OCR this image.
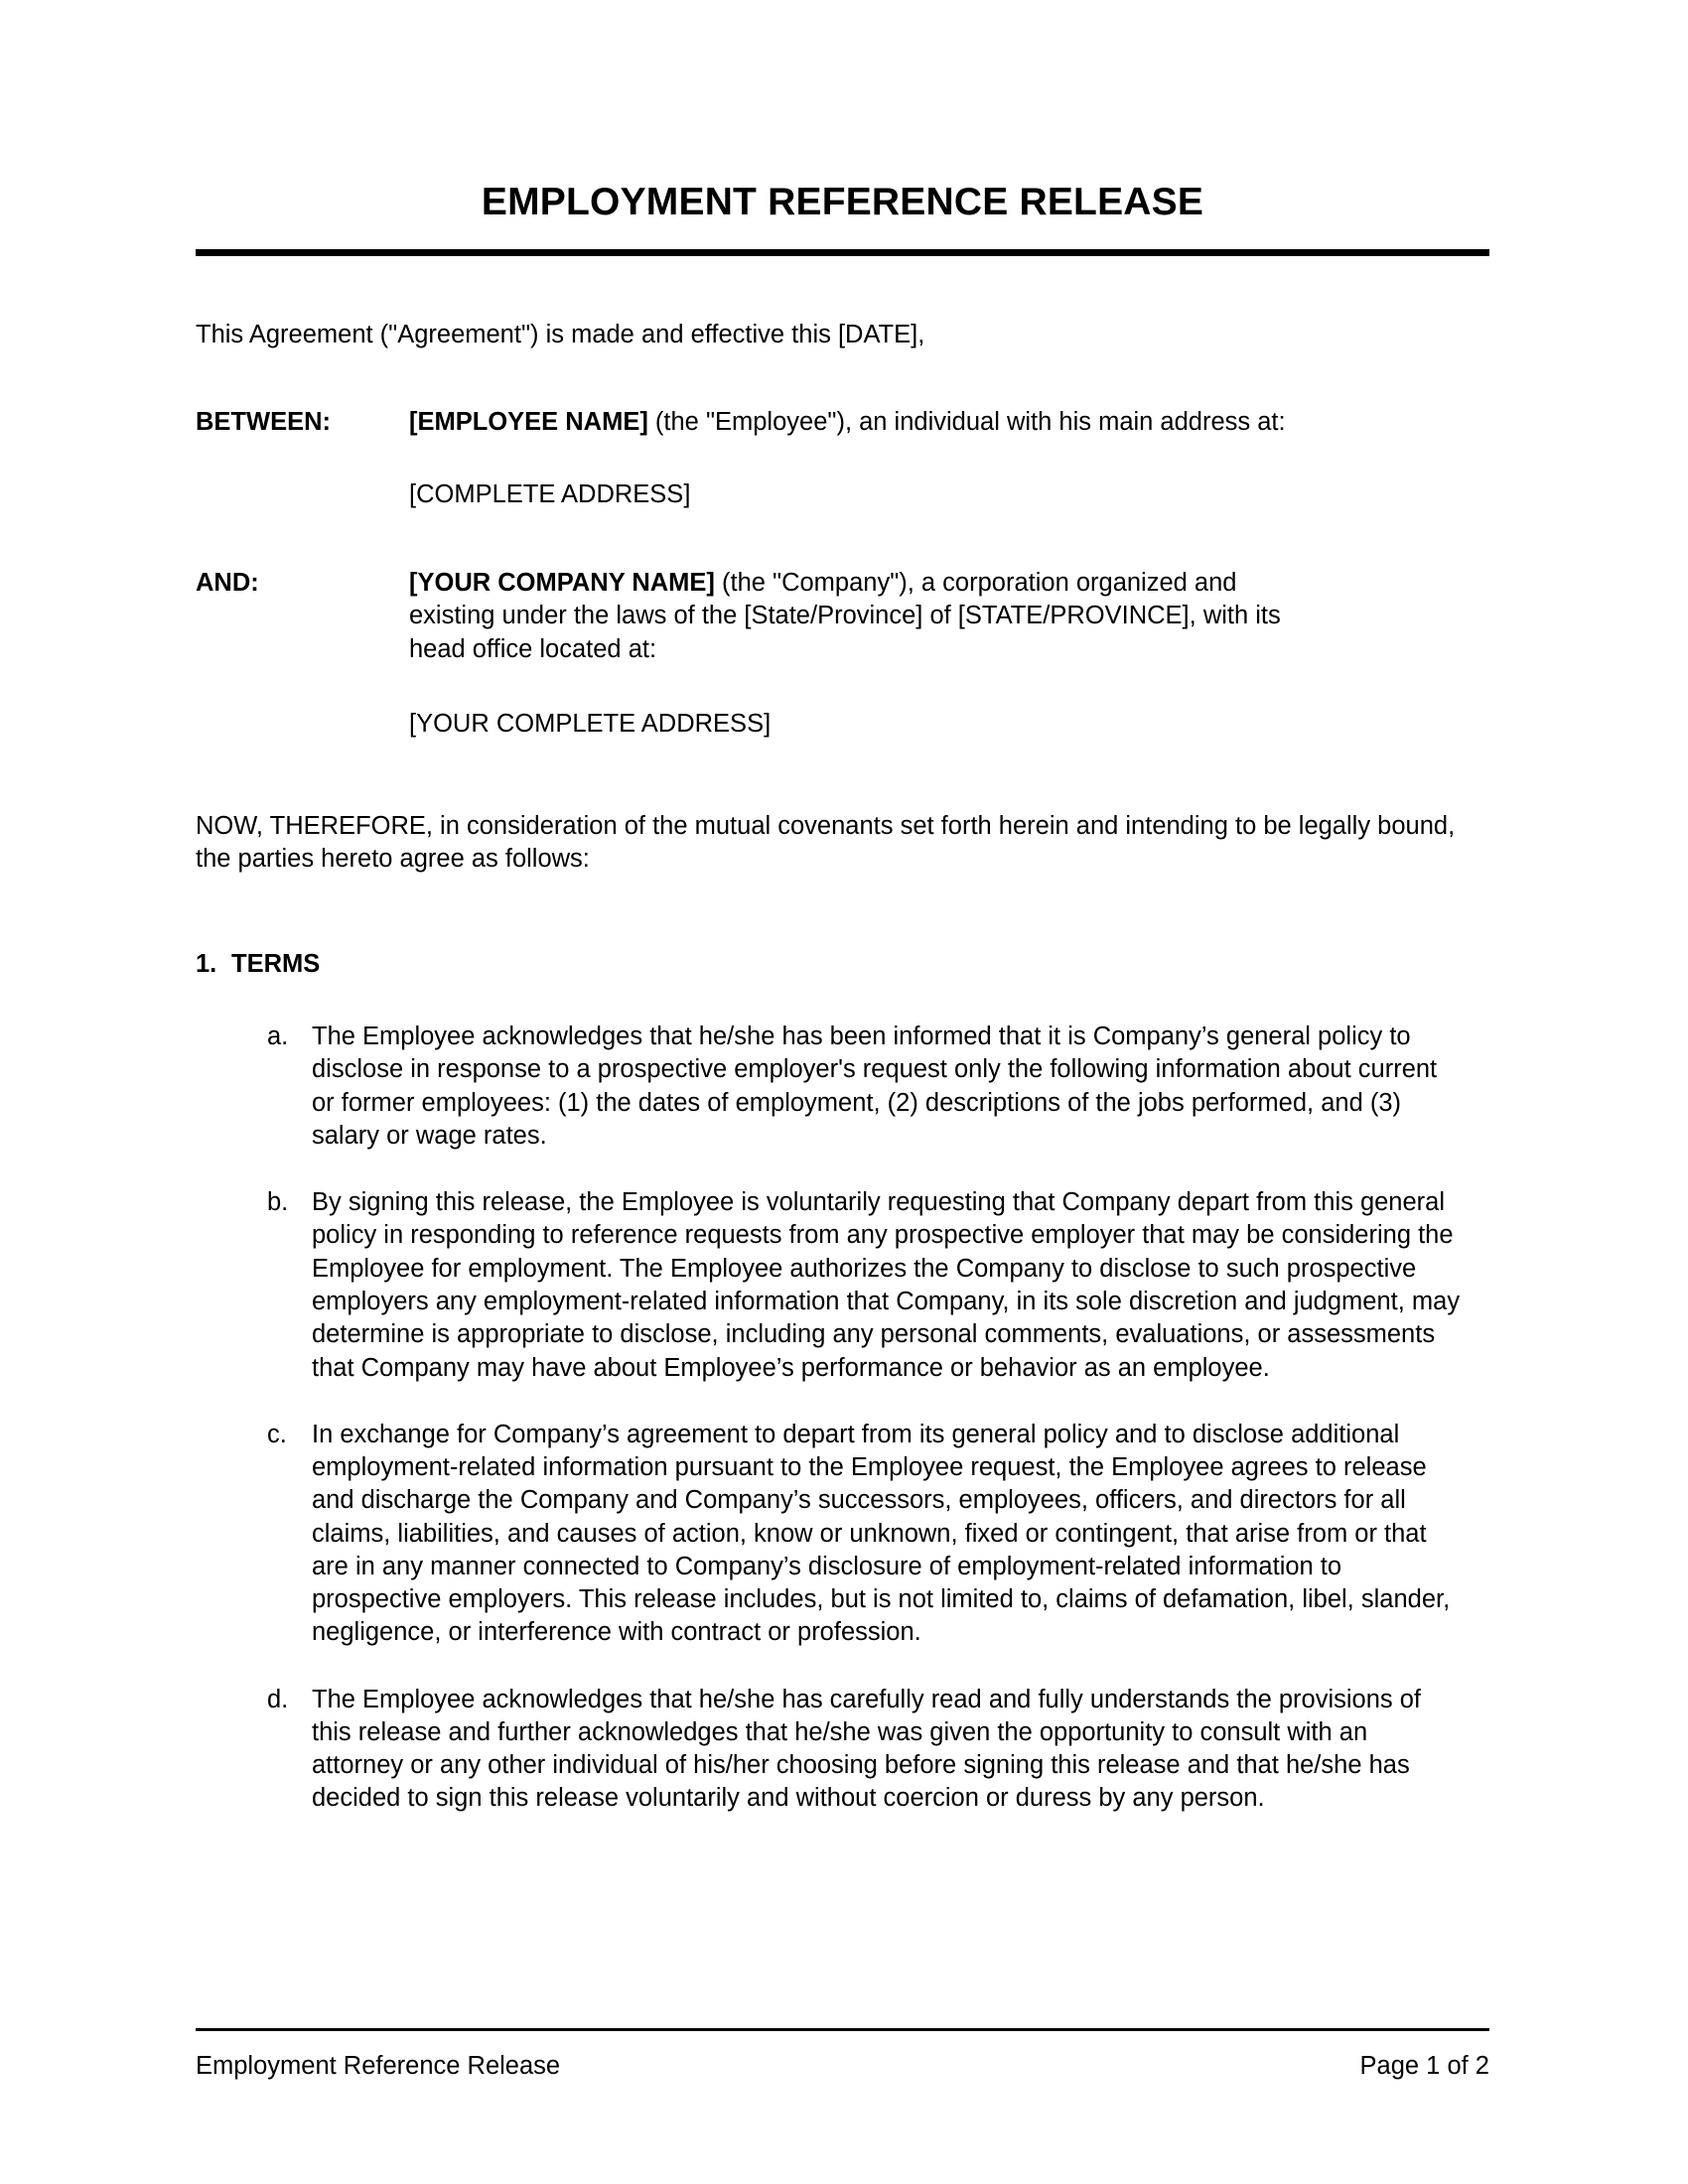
EMPLOYMENT REFERENCE RELEASE

This Agreement ("Agreement") is made and effective this [DATE],

BETWEEN:	[EMPLOYEE NAME] (the "Employee"), an individual with his main address at:

[COMPLETE ADDRESS]

AND:	[YOUR COMPANY NAME] (the "Company"), a corporation organized and existing under the laws of the [State/Province] of [STATE/PROVINCE], with its head office located at:

[YOUR COMPLETE ADDRESS]

NOW, THEREFORE, in consideration of the mutual covenants set forth herein and intending to be legally bound, the parties hereto agree as follows:

1. TERMS
a. The Employee acknowledges that he/she has been informed that it is Company’s general policy to disclose in response to a prospective employer's request only the following information about current or former employees: (1) the dates of employment, (2) descriptions of the jobs performed, and (3) salary or wage rates.
b. By signing this release, the Employee is voluntarily requesting that Company depart from this general policy in responding to reference requests from any prospective employer that may be considering the Employee for employment. The Employee authorizes the Company to disclose to such prospective employers any employment-related information that Company, in its sole discretion and judgment, may determine is appropriate to disclose, including any personal comments, evaluations, or assessments that Company may have about Employee’s performance or behavior as an employee.
c. In exchange for Company’s agreement to depart from its general policy and to disclose additional employment-related information pursuant to the Employee request, the Employee agrees to release and discharge the Company and Company’s successors, employees, officers, and directors for all claims, liabilities, and causes of action, know or unknown, fixed or contingent, that arise from or that are in any manner connected to Company’s disclosure of employment-related information to prospective employers. This release includes, but is not limited to, claims of defamation, libel, slander, negligence, or interference with contract or profession.
d. The Employee acknowledges that he/she has carefully read and fully understands the provisions of this release and further acknowledges that he/she was given the opportunity to consult with an attorney or any other individual of his/her choosing before signing this release and that he/she has decided to sign this release voluntarily and without coercion or duress by any person.
Employment Reference Release	Page 1 of 2
